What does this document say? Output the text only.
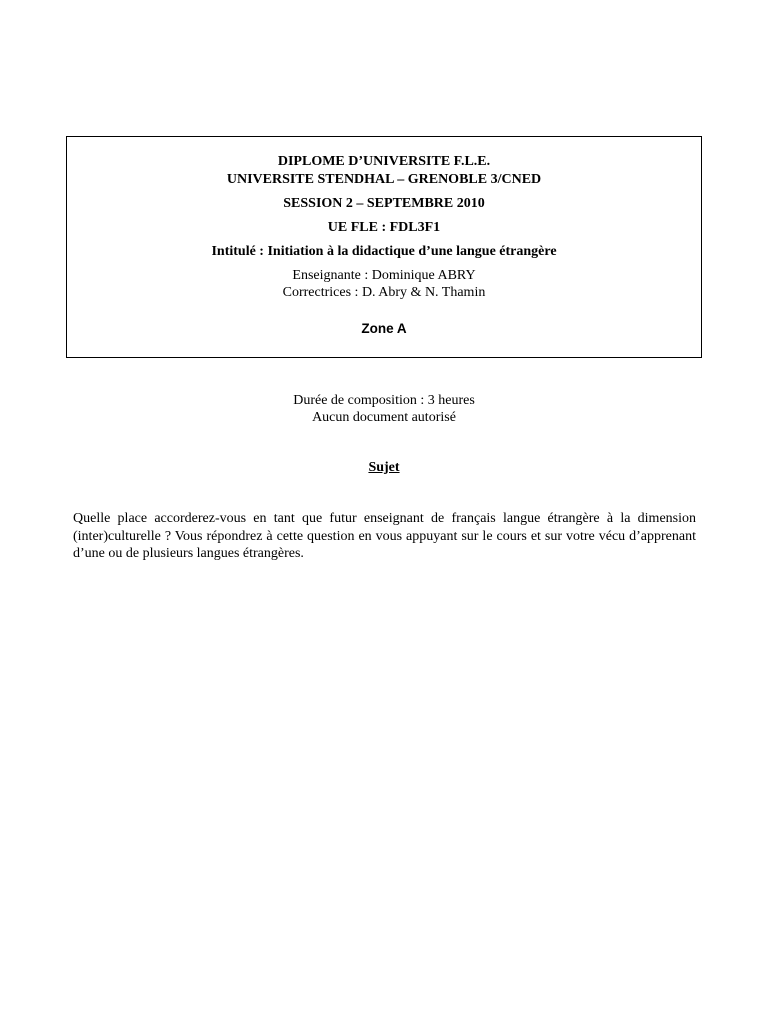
DIPLOME D’UNIVERSITE F.L.E.
UNIVERSITE STENDHAL – GRENOBLE 3/CNED
SESSION 2 – SEPTEMBRE 2010
UE FLE : FDL3F1
Intitulé : Initiation à la didactique d’une langue étrangère
Enseignante : Dominique ABRY
Correctrices : D. Abry & N. Thamin
Zone A
Durée de composition : 3 heures
Aucun document autorisé
Sujet

Quelle place accorderez-vous en tant que futur enseignant de français langue étrangère à la dimension (inter)culturelle ? Vous répondrez à cette question en vous appuyant sur le cours et sur votre vécu d’apprenant d’une ou de plusieurs langues étrangères.
